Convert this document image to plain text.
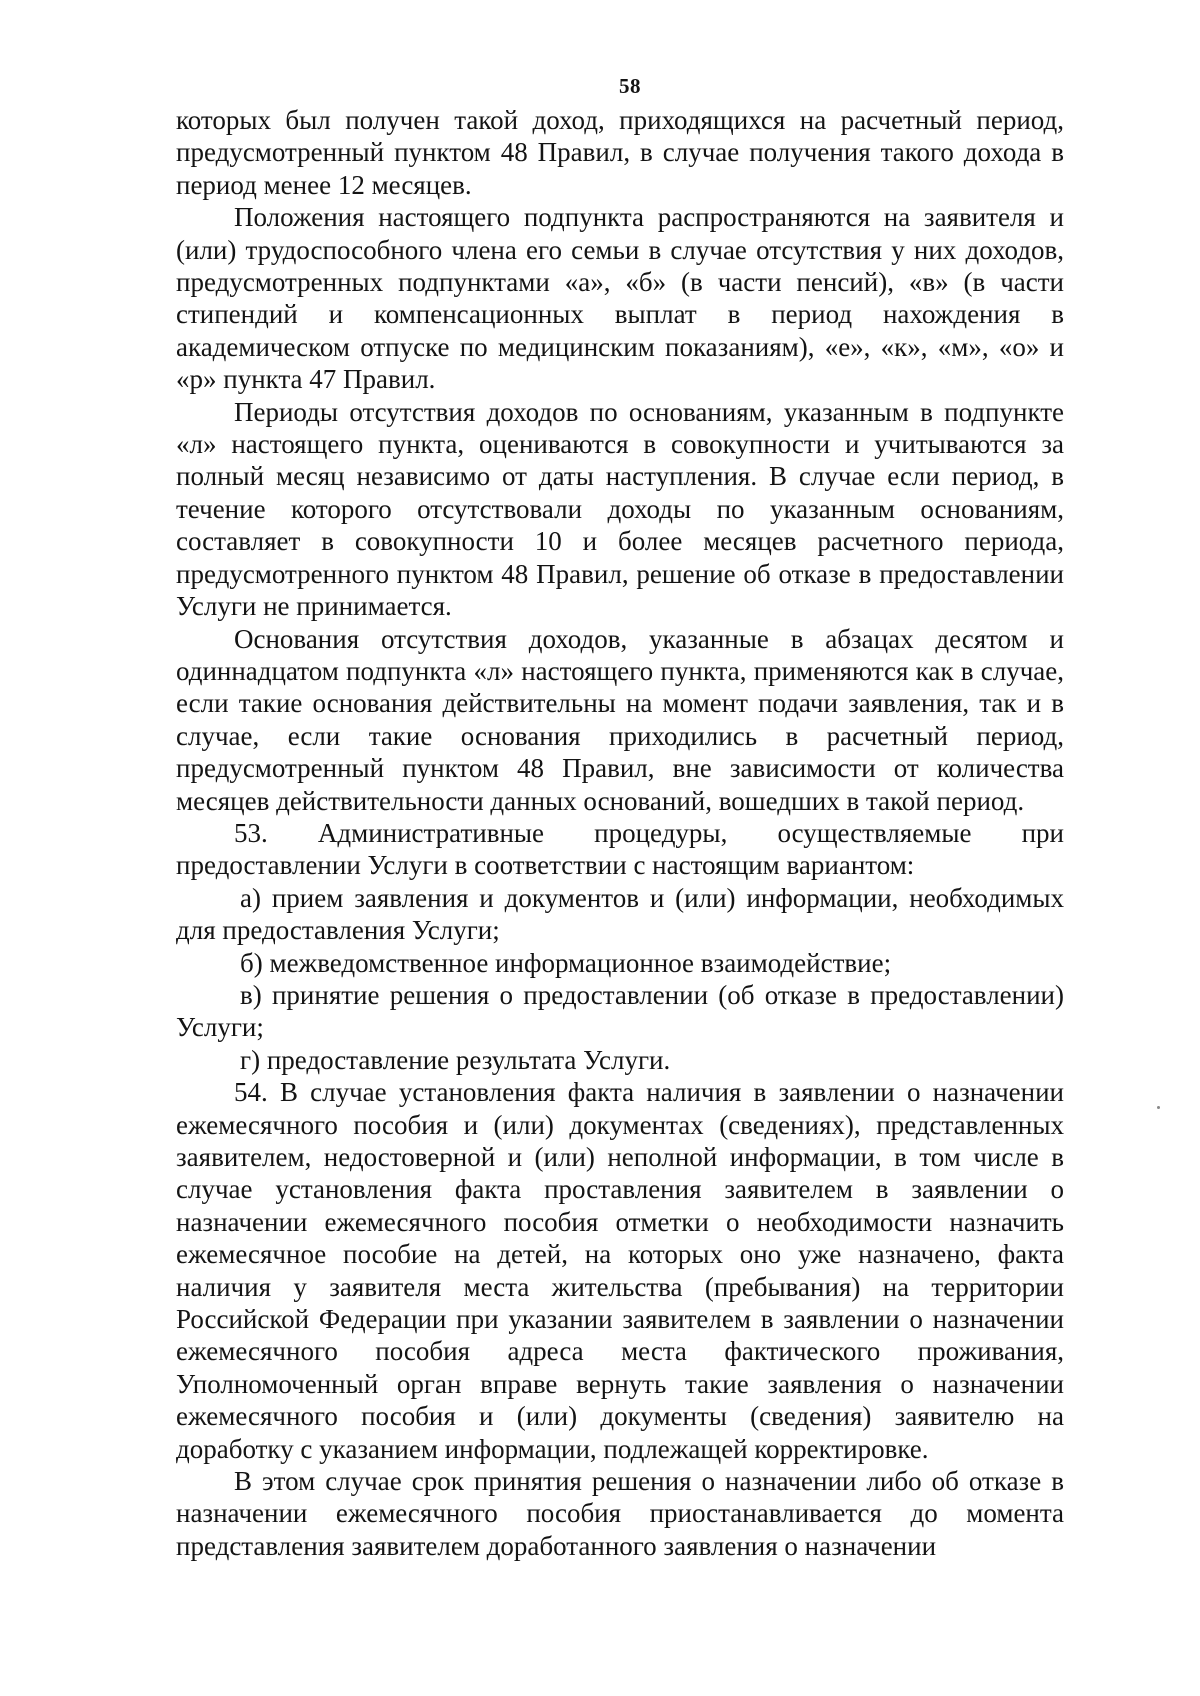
58

которых был получен такой доход, приходящихся на расчетный период, предусмотренный пунктом 48 Правил, в случае получения такого дохода в период менее 12 месяцев.

Положения настоящего подпункта распространяются на заявителя и (или) трудоспособного члена его семьи в случае отсутствия у них доходов, предусмотренных подпунктами «а», «б» (в части пенсий), «в» (в части стипендий и компенсационных выплат в период нахождения в академическом отпуске по медицинским показаниям), «е», «к», «м», «о» и «р» пункта 47 Правил.

Периоды отсутствия доходов по основаниям, указанным в подпункте «л» настоящего пункта, оцениваются в совокупности и учитываются за полный месяц независимо от даты наступления. В случае если период, в течение которого отсутствовали доходы по указанным основаниям, составляет в совокупности 10 и более месяцев расчетного периода, предусмотренного пунктом 48 Правил, решение об отказе в предоставлении Услуги не принимается.

Основания отсутствия доходов, указанные в абзацах десятом и одиннадцатом подпункта «л» настоящего пункта, применяются как в случае, если такие основания действительны на момент подачи заявления, так и в случае, если такие основания приходились в расчетный период, предусмотренный пунктом 48 Правил, вне зависимости от количества месяцев действительности данных оснований, вошедших в такой период.

53. Административные процедуры, осуществляемые при предоставлении Услуги в соответствии с настоящим вариантом:

а) прием заявления и документов и (или) информации, необходимых для предоставления Услуги;

б) межведомственное информационное взаимодействие;

в) принятие решения о предоставлении (об отказе в предоставлении) Услуги;

г) предоставление результата Услуги.

54. В случае установления факта наличия в заявлении о назначении ежемесячного пособия и (или) документах (сведениях), представленных заявителем, недостоверной и (или) неполной информации, в том числе в случае установления факта проставления заявителем в заявлении о назначении ежемесячного пособия отметки о необходимости назначить ежемесячное пособие на детей, на которых оно уже назначено, факта наличия у заявителя места жительства (пребывания) на территории Российской Федерации при указании заявителем в заявлении о назначении ежемесячного пособия адреса места фактического проживания, Уполномоченный орган вправе вернуть такие заявления о назначении ежемесячного пособия и (или) документы (сведения) заявителю на доработку с указанием информации, подлежащей корректировке.

В этом случае срок принятия решения о назначении либо об отказе в назначении ежемесячного пособия приостанавливается до момента представления заявителем доработанного заявления о назначении
